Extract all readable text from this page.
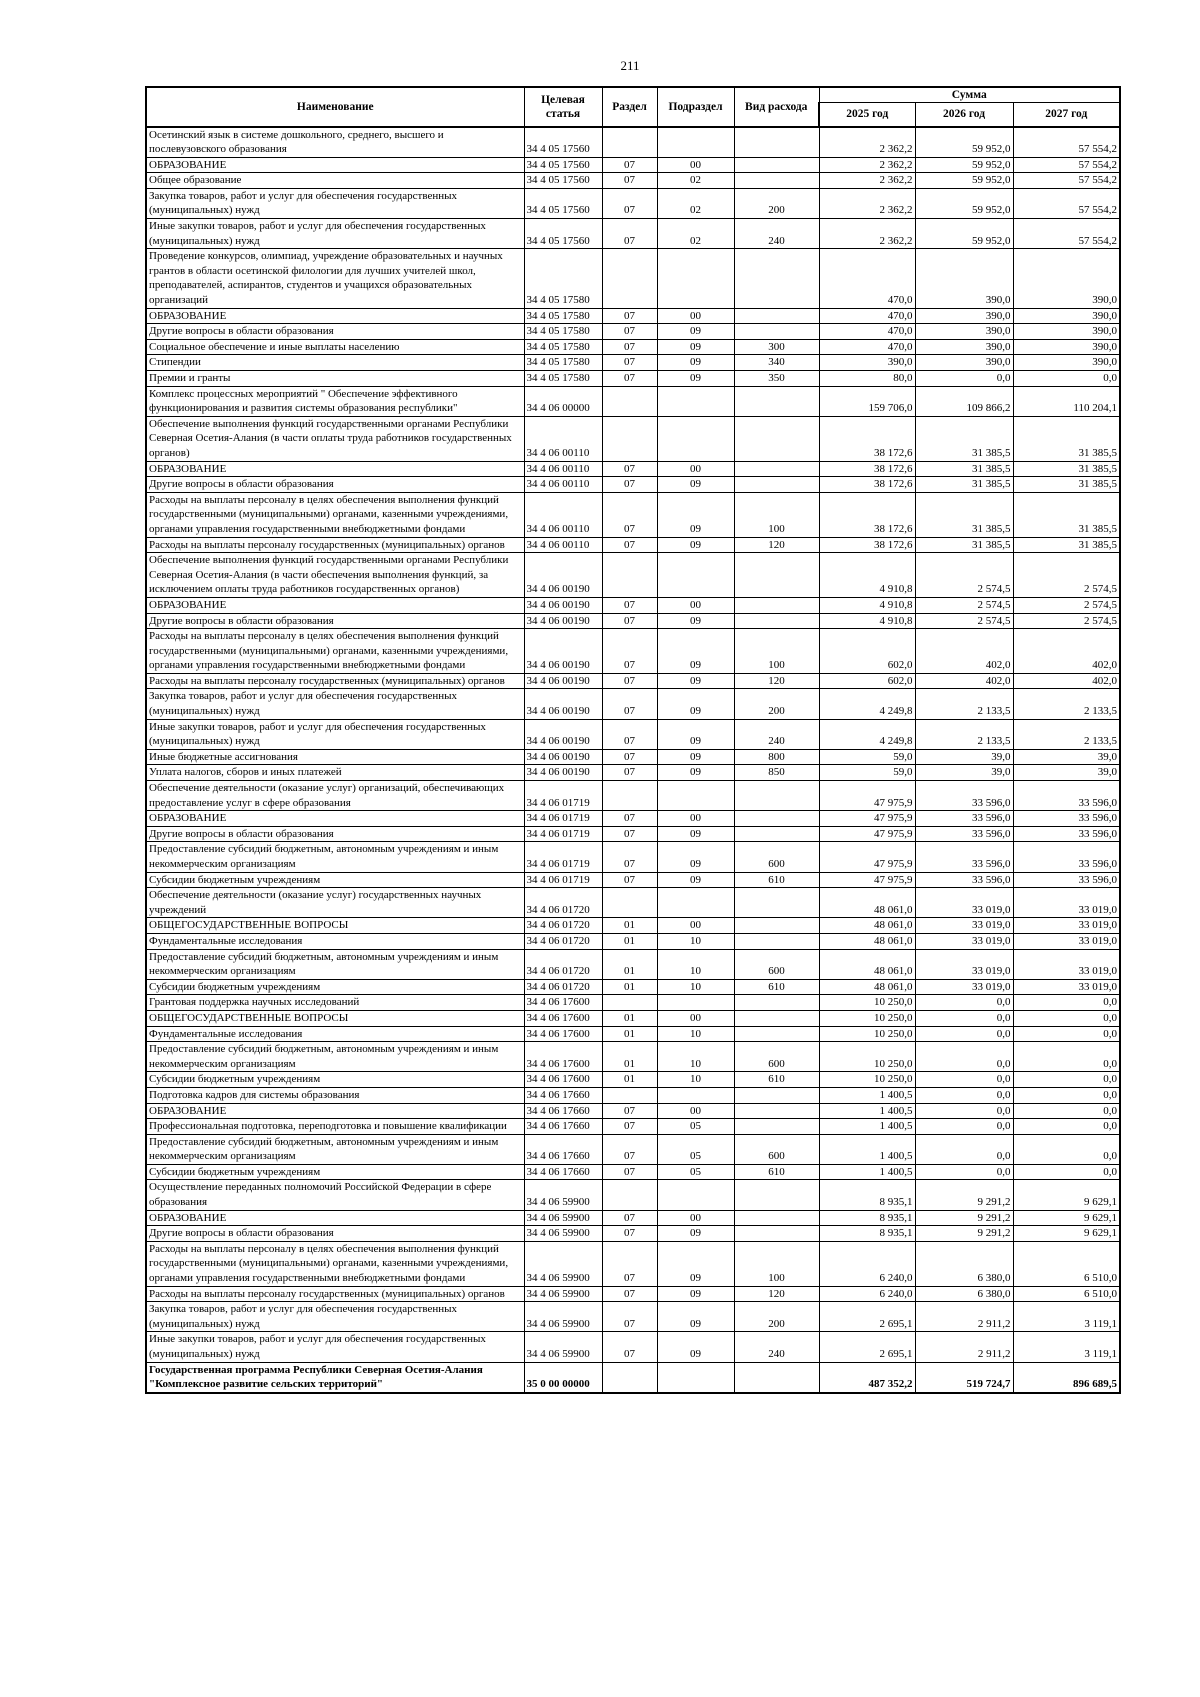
211
Наименование	Целевая статья	Раздел	Подраздел	Вид расхода	Сумма		
					2025 год	2026 год	2027 год
Осетинский язык в системе дошкольного, среднего, высшего и послевузовского образования	34 4 05 17560				2 362,2	59 952,0	57 554,2
ОБРАЗОВАНИЕ	34 4 05 17560	07	00		2 362,2	59 952,0	57 554,2
Общее образование	34 4 05 17560	07	02		2 362,2	59 952,0	57 554,2
Закупка товаров, работ и услуг для обеспечения государственных (муниципальных) нужд	34 4 05 17560	07	02	200	2 362,2	59 952,0	57 554,2
Иные закупки товаров, работ и услуг для обеспечения государственных (муниципальных) нужд	34 4 05 17560	07	02	240	2 362,2	59 952,0	57 554,2
Проведение конкурсов, олимпиад, учреждение образовательных и научных грантов в области осетинской филологии для лучших учителей школ, преподавателей, аспирантов, студентов и учащихся образовательных организаций	34 4 05 17580				470,0	390,0	390,0
ОБРАЗОВАНИЕ	34 4 05 17580	07	00		470,0	390,0	390,0
Другие вопросы в области образования	34 4 05 17580	07	09		470,0	390,0	390,0
Социальное обеспечение и иные выплаты населению	34 4 05 17580	07	09	300	470,0	390,0	390,0
Стипендии	34 4 05 17580	07	09	340	390,0	390,0	390,0
Премии и гранты	34 4 05 17580	07	09	350	80,0	0,0	0,0
Комплекс процессных мероприятий " Обеспечение эффективного функционирования и развития системы образования республики"	34 4 06 00000				159 706,0	109 866,2	110 204,1
Обеспечение выполнения функций государственными органами Республики Северная Осетия-Алания (в части оплаты труда работников государственных органов)	34 4 06 00110				38 172,6	31 385,5	31 385,5
ОБРАЗОВАНИЕ	34 4 06 00110	07	00		38 172,6	31 385,5	31 385,5
Другие вопросы в области образования	34 4 06 00110	07	09		38 172,6	31 385,5	31 385,5
Расходы на выплаты персоналу в целях обеспечения выполнения функций государственными (муниципальными) органами, казенными учреждениями, органами управления государственными внебюджетными фондами	34 4 06 00110	07	09	100	38 172,6	31 385,5	31 385,5
Расходы на выплаты персоналу государственных (муниципальных) органов	34 4 06 00110	07	09	120	38 172,6	31 385,5	31 385,5
Обеспечение выполнения функций государственными органами Республики Северная Осетия-Алания (в части обеспечения выполнения функций, за исключением оплаты труда работников государственных органов)	34 4 06 00190				4 910,8	2 574,5	2 574,5
ОБРАЗОВАНИЕ	34 4 06 00190	07	00		4 910,8	2 574,5	2 574,5
Другие вопросы в области образования	34 4 06 00190	07	09		4 910,8	2 574,5	2 574,5
Расходы на выплаты персоналу в целях обеспечения выполнения функций государственными (муниципальными) органами, казенными учреждениями, органами управления государственными внебюджетными фондами	34 4 06 00190	07	09	100	602,0	402,0	402,0
Расходы на выплаты персоналу государственных (муниципальных) органов	34 4 06 00190	07	09	120	602,0	402,0	402,0
Закупка товаров, работ и услуг для обеспечения государственных (муниципальных) нужд	34 4 06 00190	07	09	200	4 249,8	2 133,5	2 133,5
Иные закупки товаров, работ и услуг для обеспечения государственных (муниципальных) нужд	34 4 06 00190	07	09	240	4 249,8	2 133,5	2 133,5
Иные бюджетные ассигнования	34 4 06 00190	07	09	800	59,0	39,0	39,0
Уплата налогов, сборов и иных платежей	34 4 06 00190	07	09	850	59,0	39,0	39,0
Обеспечение деятельности (оказание услуг) организаций, обеспечивающих предоставление услуг в сфере образования	34 4 06 01719				47 975,9	33 596,0	33 596,0
ОБРАЗОВАНИЕ	34 4 06 01719	07	00		47 975,9	33 596,0	33 596,0
Другие вопросы в области образования	34 4 06 01719	07	09		47 975,9	33 596,0	33 596,0
Предоставление субсидий бюджетным, автономным учреждениям и иным некоммерческим организациям	34 4 06 01719	07	09	600	47 975,9	33 596,0	33 596,0
Субсидии бюджетным учреждениям	34 4 06 01719	07	09	610	47 975,9	33 596,0	33 596,0
Обеспечение деятельности (оказание услуг) государственных научных учреждений	34 4 06 01720				48 061,0	33 019,0	33 019,0
ОБЩЕГОСУДАРСТВЕННЫЕ ВОПРОСЫ	34 4 06 01720	01	00		48 061,0	33 019,0	33 019,0
Фундаментальные исследования	34 4 06 01720	01	10		48 061,0	33 019,0	33 019,0
Предоставление субсидий бюджетным, автономным учреждениям и иным некоммерческим организациям	34 4 06 01720	01	10	600	48 061,0	33 019,0	33 019,0
Субсидии бюджетным учреждениям	34 4 06 01720	01	10	610	48 061,0	33 019,0	33 019,0
Грантовая поддержка научных исследований	34 4 06 17600				10 250,0	0,0	0,0
ОБЩЕГОСУДАРСТВЕННЫЕ ВОПРОСЫ	34 4 06 17600	01	00		10 250,0	0,0	0,0
Фундаментальные исследования	34 4 06 17600	01	10		10 250,0	0,0	0,0
Предоставление субсидий бюджетным, автономным учреждениям и иным некоммерческим организациям	34 4 06 17600	01	10	600	10 250,0	0,0	0,0
Субсидии бюджетным учреждениям	34 4 06 17600	01	10	610	10 250,0	0,0	0,0
Подготовка кадров для системы образования	34 4 06 17660				1 400,5	0,0	0,0
ОБРАЗОВАНИЕ	34 4 06 17660	07	00		1 400,5	0,0	0,0
Профессиональная подготовка, переподготовка и повышение квалификации	34 4 06 17660	07	05		1 400,5	0,0	0,0
Предоставление субсидий бюджетным, автономным учреждениям и иным некоммерческим организациям	34 4 06 17660	07	05	600	1 400,5	0,0	0,0
Субсидии бюджетным учреждениям	34 4 06 17660	07	05	610	1 400,5	0,0	0,0
Осуществление переданных полномочий Российской Федерации в сфере образования	34 4 06 59900				8 935,1	9 291,2	9 629,1
ОБРАЗОВАНИЕ	34 4 06 59900	07	00		8 935,1	9 291,2	9 629,1
Другие вопросы в области образования	34 4 06 59900	07	09		8 935,1	9 291,2	9 629,1
Расходы на выплаты персоналу в целях обеспечения выполнения функций государственными (муниципальными) органами, казенными учреждениями, органами управления государственными внебюджетными фондами	34 4 06 59900	07	09	100	6 240,0	6 380,0	6 510,0
Расходы на выплаты персоналу государственных (муниципальных) органов	34 4 06 59900	07	09	120	6 240,0	6 380,0	6 510,0
Закупка товаров, работ и услуг для обеспечения государственных (муниципальных) нужд	34 4 06 59900	07	09	200	2 695,1	2 911,2	3 119,1
Иные закупки товаров, работ и услуг для обеспечения государственных (муниципальных) нужд	34 4 06 59900	07	09	240	2 695,1	2 911,2	3 119,1
Государственная программа Республики Северная Осетия-Алания "Комплексное развитие сельских территорий"	35 0 00 00000				487 352,2	519 724,7	896 689,5
